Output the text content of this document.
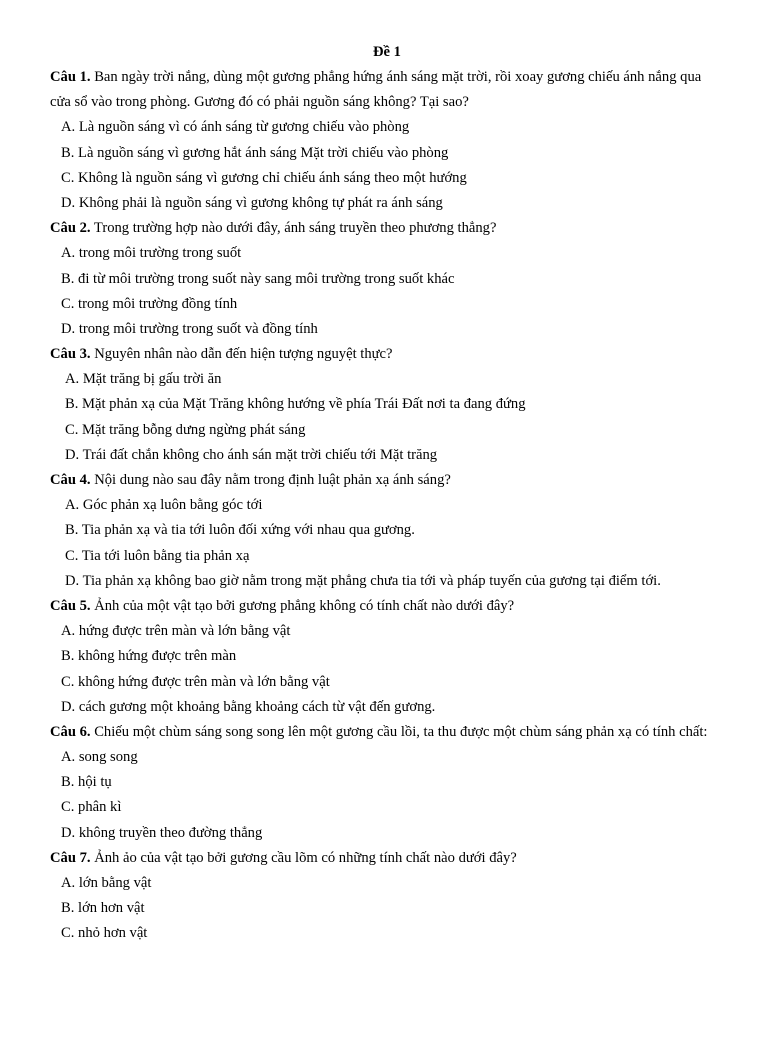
Đề 1
Câu 1. Ban ngày trời nắng, dùng một gương phẳng hứng ánh sáng mặt trời, rồi xoay gương chiếu ánh nắng qua cửa sổ vào trong phòng. Gương đó có phải nguồn sáng không? Tại sao?
A. Là nguồn sáng vì có ánh sáng từ gương chiếu vào phòng
B. Là nguồn sáng vì gương hắt ánh sáng Mặt trời chiếu vào phòng
C. Không là nguồn sáng vì gương chỉ chiếu ánh sáng theo một hướng
D. Không phải là nguồn sáng vì gương không tự phát ra ánh sáng
Câu 2. Trong trường hợp nào dưới đây, ánh sáng truyền theo phương thẳng?
A. trong môi trường trong suốt
B. đi từ môi trường trong suốt này sang môi trường trong suốt khác
C. trong môi trường đồng tính
D. trong môi trường trong suốt và đồng tính
Câu 3. Nguyên nhân nào dẫn đến hiện tượng nguyệt thực?
A. Mặt trăng bị gấu trời ăn
B. Mặt phản xạ của Mặt Trăng không hướng về phía Trái Đất nơi ta đang đứng
C. Mặt trăng bỗng dưng ngừng phát sáng
D. Trái đất chắn không cho ánh sán mặt trời chiếu tới Mặt trăng
Câu 4. Nội dung nào sau đây nằm trong định luật phản xạ ánh sáng?
A. Góc phản xạ luôn bằng góc tới
B. Tia phản xạ và tia tới luôn đối xứng với nhau qua gương.
C. Tia tới luôn bằng tia phản xạ
D. Tia phản xạ không bao giờ nằm trong mặt phẳng chưa tia tới và pháp tuyến của gương tại điểm tới.
Câu 5. Ảnh của một vật tạo bởi gương phẳng không có tính chất nào dưới đây?
A. hứng được trên màn và lớn bằng vật
B. không hứng được trên màn
C. không hứng được trên màn và lớn bằng vật
D. cách gương một khoảng bằng khoảng cách từ vật đến gương.
Câu 6. Chiếu một chùm sáng song song lên một gương cầu lồi, ta thu được một chùm sáng phản xạ có tính chất:
A. song song
B. hội tụ
C. phân kì
D. không truyền theo đường thẳng
Câu 7. Ảnh ảo của vật tạo bởi gương cầu lõm có những tính chất nào dưới đây?
A. lớn bằng vật
B. lớn hơn vật
C. nhỏ hơn vật
